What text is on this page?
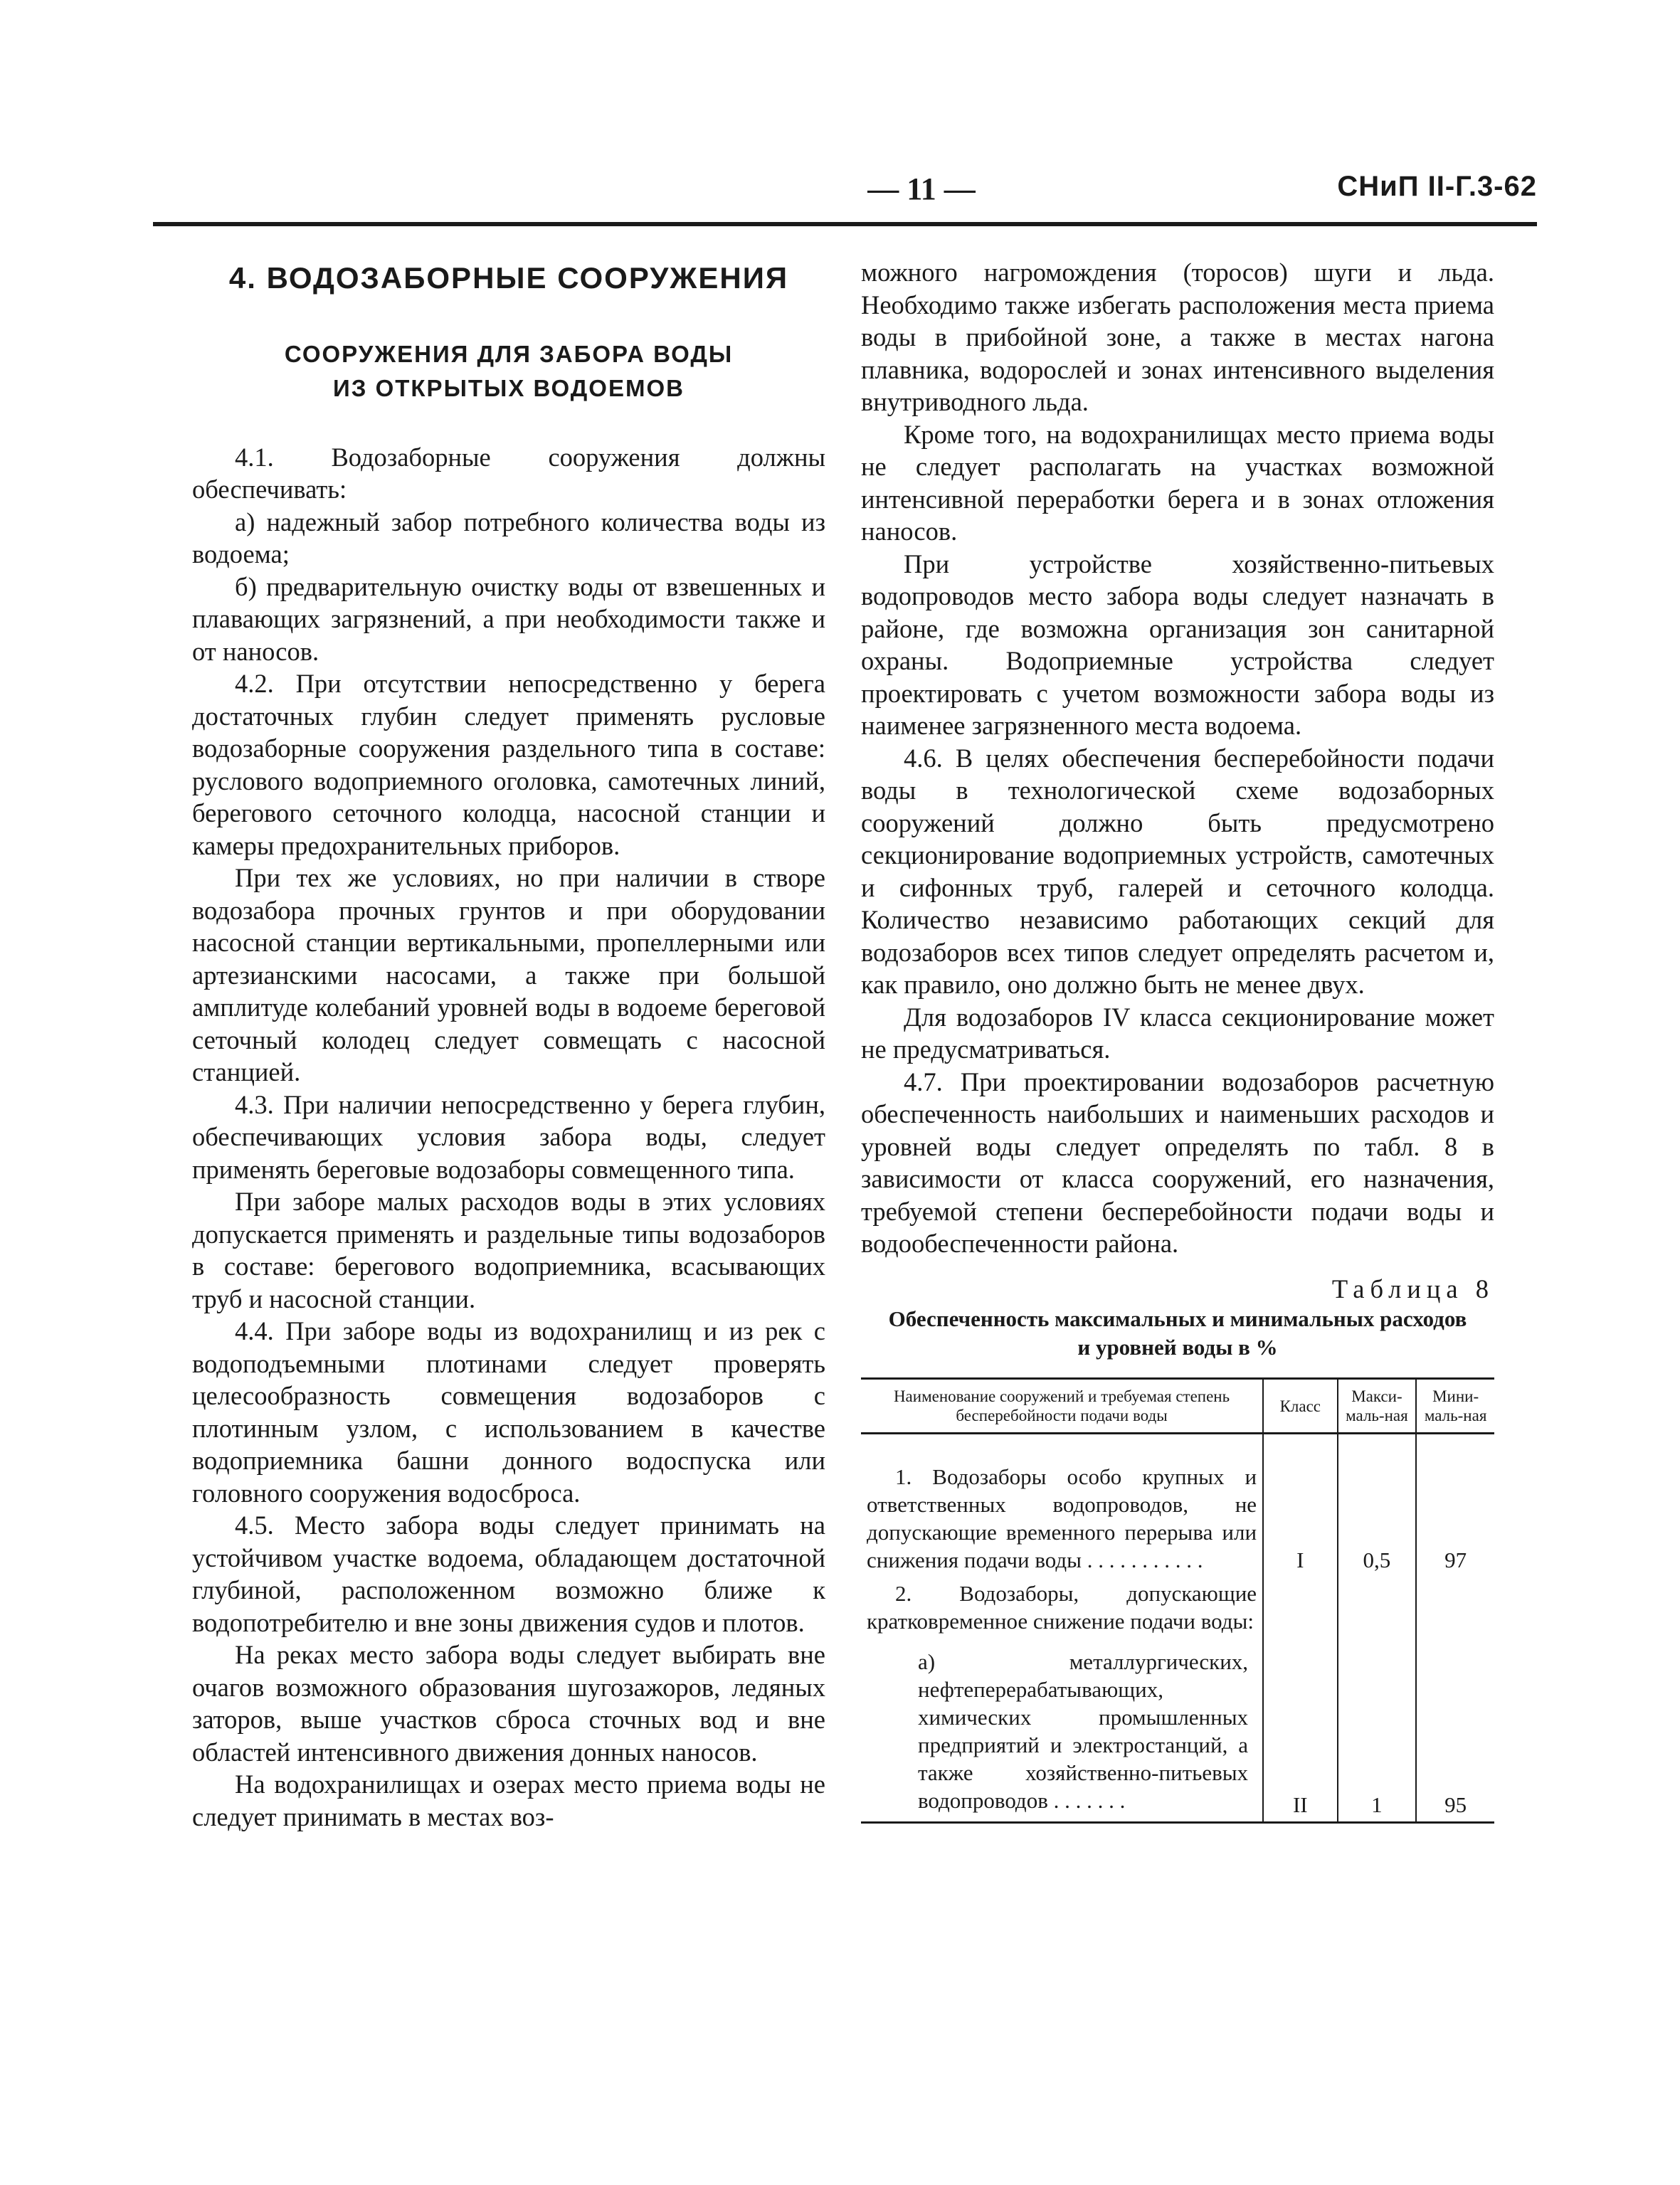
— 11 —	СНиП II-Г.3-62
4. ВОДОЗАБОРНЫЕ СООРУЖЕНИЯ
СООРУЖЕНИЯ ДЛЯ ЗАБОРА ВОДЫ
ИЗ ОТКРЫТЫХ ВОДОЕМОВ

4.1. Водозаборные сооружения должны обеспечивать:

а) надежный забор потребного количества воды из водоема;

б) предварительную очистку воды от взвешенных и плавающих загрязнений, а при необходимости также и от наносов.

4.2. При отсутствии непосредственно у берега достаточных глубин следует применять русловые водозаборные сооружения раздельного типа в составе: руслового водоприемного оголовка, самотечных линий, берегового сеточного колодца, насосной станции и камеры предохранительных приборов.

При тех же условиях, но при наличии в створе водозабора прочных грунтов и при оборудовании насосной станции вертикальными, пропеллерными или артезианскими насосами, а также при большой амплитуде колебаний уровней воды в водоеме береговой сеточный колодец следует совмещать с насосной станцией.

4.3. При наличии непосредственно у берега глубин, обеспечивающих условия забора воды, следует применять береговые водозаборы совмещенного типа.

При заборе малых расходов воды в этих условиях допускается применять и раздельные типы водозаборов в составе: берегового водоприемника, всасывающих труб и насосной станции.

4.4. При заборе воды из водохранилищ и из рек с водоподъемными плотинами следует проверять целесообразность совмещения водозаборов с плотинным узлом, с использованием в качестве водоприемника башни донного водоспуска или головного сооружения водосброса.

4.5. Место забора воды следует принимать на устойчивом участке водоема, обладающем достаточной глубиной, расположенном возможно ближе к водопотребителю и вне зоны движения судов и плотов.

На реках место забора воды следует выбирать вне очагов возможного образования шугозажоров, ледяных заторов, выше участков сброса сточных вод и вне областей интенсивного движения донных наносов.

На водохранилищах и озерах место приема воды не следует принимать в местах воз-

можного нагромождения (торосов) шуги и льда. Необходимо также избегать расположения места приема воды в прибойной зоне, а также в местах нагона плавника, водорослей и зонах интенсивного выделения внутриводного льда.

Кроме того, на водохранилищах место приема воды не следует располагать на участках возможной интенсивной переработки берега и в зонах отложения наносов.

При устройстве хозяйственно-питьевых водопроводов место забора воды следует назначать в районе, где возможна организация зон санитарной охраны. Водоприемные устройства следует проектировать с учетом возможности забора воды из наименее загрязненного места водоема.

4.6. В целях обеспечения бесперебойности подачи воды в технологической схеме водозаборных сооружений должно быть предусмотрено секционирование водоприемных устройств, самотечных и сифонных труб, галерей и сеточного колодца. Количество независимо работающих секций для водозаборов всех типов следует определять расчетом и, как правило, оно должно быть не менее двух.

Для водозаборов IV класса секционирование может не предусматриваться.

4.7. При проектировании водозаборов расчетную обеспеченность наибольших и наименьших расходов и уровней воды следует определять по табл. 8 в зависимости от класса сооружений, его назначения, требуемой степени бесперебойности подачи воды и водообеспеченности района.

Таблица 8
Обеспеченность максимальных и минимальных расходов
и уровней воды в %
Наименование сооружений и требуемая степень бесперебойности подачи воды	Класс	Макси-маль-ная	Мини-маль-ная
1. Водозаборы особо крупных и ответственных водопроводов, не допускающие временного перерыва или снижения подачи воды . . . . . . . . . . .	I	0,5	97
2. Водозаборы, допускающие кратковременное снижение подачи воды:			
а) металлургических, нефтеперерабатывающих, химических промышленных предприятий и электростанций, а также хозяйственно-питьевых водопроводов . . . . . . .	II	1	95
